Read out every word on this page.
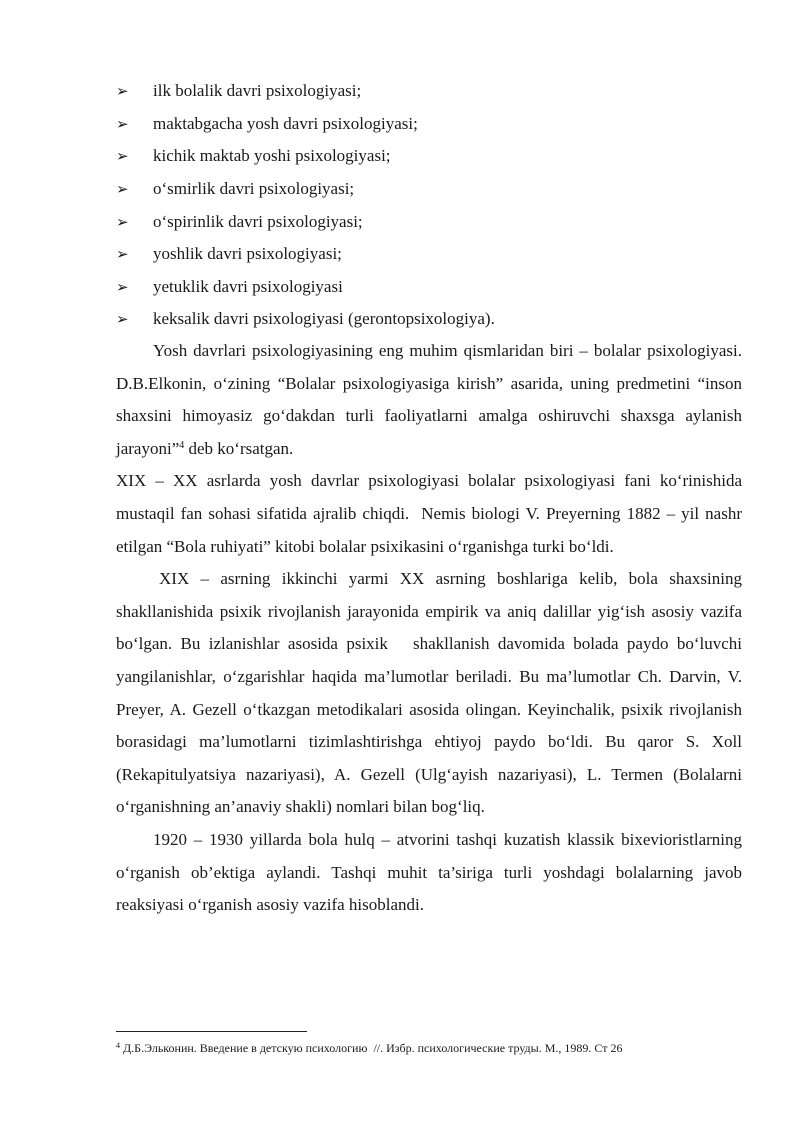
➢	ilk bolalik davri psixologiyasi;
➢	maktabgacha yosh davri psixologiyasi;
➢	kichik maktab yoshi psixologiyasi;
➢	o‘smirlik davri psixologiyasi;
➢	o‘spirinlik davri psixologiyasi;
➢	yoshlik davri psixologiyasi;
➢	yetuklik davri psixologiyasi
➢	keksalik davri psixologiyasi (gerontopsixologiya).

Yosh davrlari psixologiyasining eng muhim qismlaridan biri – bolalar psixologiyasi. D.B.Elkonin, o‘zining “Bolalar psixologiyasiga kirish” asarida, uning predmetini “inson shaxsini himoyasiz go‘dakdan turli faoliyatlarni amalga oshiruvchi shaxsga aylanish jarayoni”$^4$ deb ko‘rsatgan.

XIX – XX asrlarda yosh davrlar psixologiyasi bolalar psixologiyasi fani ko‘rinishida mustaqil fan sohasi sifatida ajralib chiqdi.  Nemis biologi V. Preyerning 1882 – yil nashr etilgan “Bola ruhiyati” kitobi bolalar psixikasini o‘rganishga turki bo‘ldi.

XIX – asrning ikkinchi yarmi XX asrning boshlariga kelib, bola shaxsining shakllanishida psixik rivojlanish jarayonida empirik va aniq dalillar yig‘ish asosiy vazifa bo‘lgan. Bu izlanishlar asosida psixik   shakllanish davomida bolada paydo bo‘luvchi yangilanishlar, o‘zgarishlar haqida ma’lumotlar beriladi. Bu ma’lumotlar Ch. Darvin, V. Preyer, A. Gezell o‘tkazgan metodikalari asosida olingan. Keyinchalik, psixik rivojlanish borasidagi ma’lumotlarni tizimlashtirishga ehtiyoj paydo bo‘ldi. Bu qaror S. Xoll (Rekapitulyatsiya nazariyasi), A. Gezell (Ulg‘ayish nazariyasi), L. Termen (Bolalarni o‘rganishning an’anaviy shakli) nomlari bilan bog‘liq.

1920 – 1930 yillarda bola hulq – atvorini tashqi kuzatish klassik bixevioristlarning o‘rganish ob’ektiga aylandi. Tashqi muhit ta’siriga turli yoshdagi bolalarning javob reaksiyasi o‘rganish asosiy vazifa hisoblandi.

$^4$ Д.Б.Эльконин. Введение в детскую психологию  //. Избр. психологические труды. М., 1989. Ст 26
